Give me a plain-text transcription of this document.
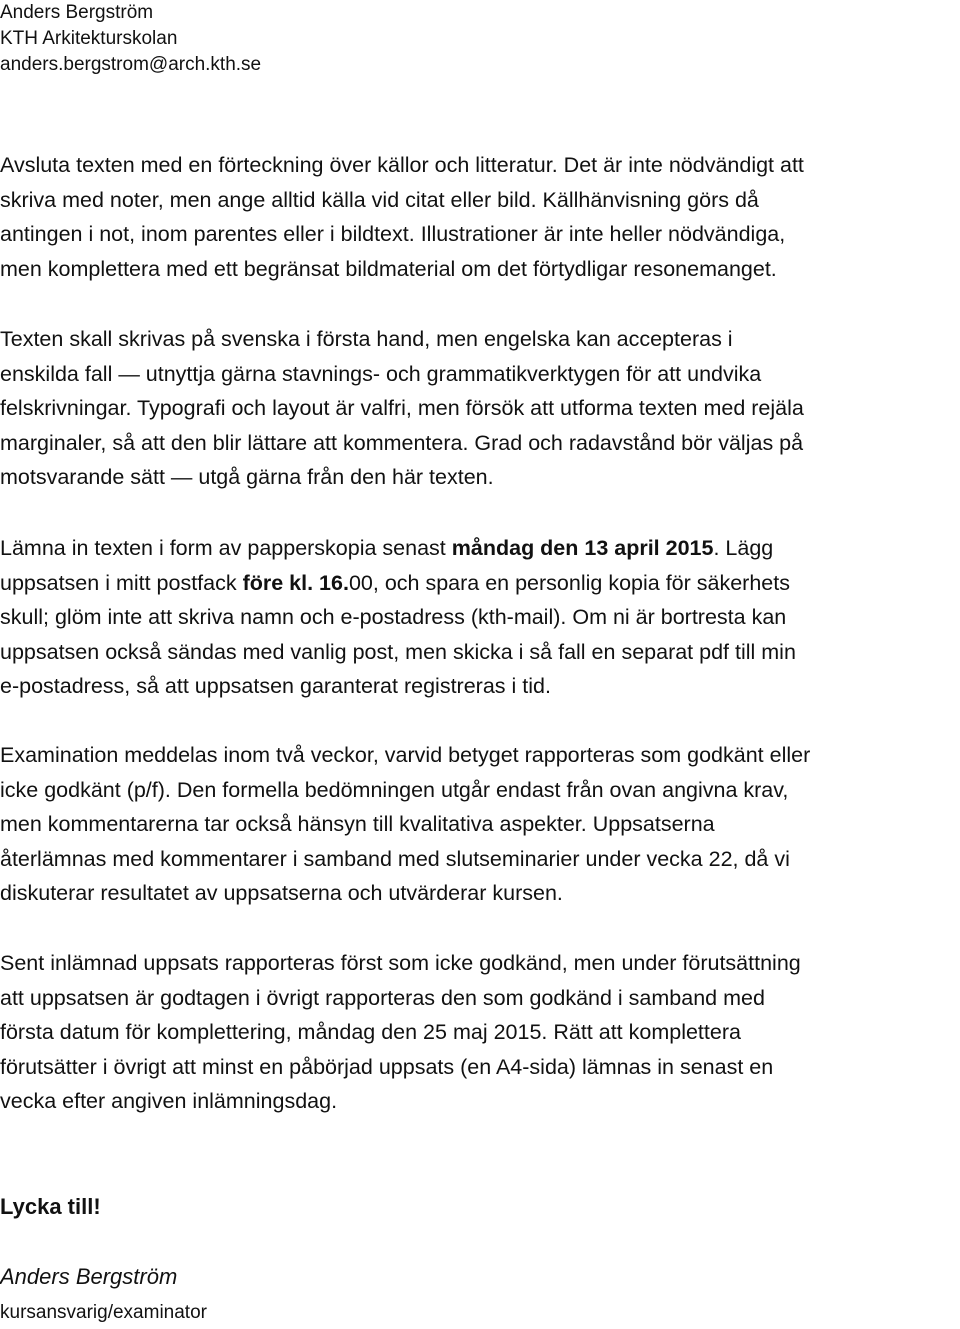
Anders Bergström
KTH Arkitekturskolan
anders.bergstrom@arch.kth.se
Avsluta texten med en förteckning över källor och litteratur. Det är inte nödvändigt att
skriva med noter, men ange alltid källa vid citat eller bild. Källhänvisning görs då
antingen i not, inom parentes eller i bildtext. Illustrationer är inte heller nödvändiga,
men komplettera med ett begränsat bildmaterial om det förtydligar resonemanget.
Texten skall skrivas på svenska i första hand, men engelska kan accepteras i
enskilda fall — utnyttja gärna stavnings- och grammatikverktygen för att undvika
felskrivningar. Typografi och layout är valfri, men försök att utforma texten med rejäla
marginaler, så att den blir lättare att kommentera. Grad och radavstånd bör väljas på
motsvarande sätt — utgå gärna från den här texten.
Lämna in texten i form av papperskopia senast måndag den 13 april 2015. Lägg
uppsatsen i mitt postfack före kl. 16.00, och spara en personlig kopia för säkerhets
skull; glöm inte att skriva namn och e-postadress (kth-mail). Om ni är bortresta kan
uppsatsen också sändas med vanlig post, men skicka i så fall en separat pdf till min
e-postadress, så att uppsatsen garanterat registreras i tid.
Examination meddelas inom två veckor, varvid betyget rapporteras som godkänt eller
icke godkänt (p/f). Den formella bedömningen utgår endast från ovan angivna krav,
men kommentarerna tar också hänsyn till kvalitativa aspekter. Uppsatserna
återlämnas med kommentarer i samband med slutseminarier under vecka 22, då vi
diskuterar resultatet av uppsatserna och utvärderar kursen.
Sent inlämnad uppsats rapporteras först som icke godkänd, men under förutsättning
att uppsatsen är godtagen i övrigt rapporteras den som godkänd i samband med
första datum för komplettering, måndag den 25 maj 2015. Rätt att komplettera
förutsätter i övrigt att minst en påbörjad uppsats (en A4-sida) lämnas in senast en
vecka efter angiven inlämningsdag.
Lycka till!
Anders Bergström
kursansvarig/examinator
